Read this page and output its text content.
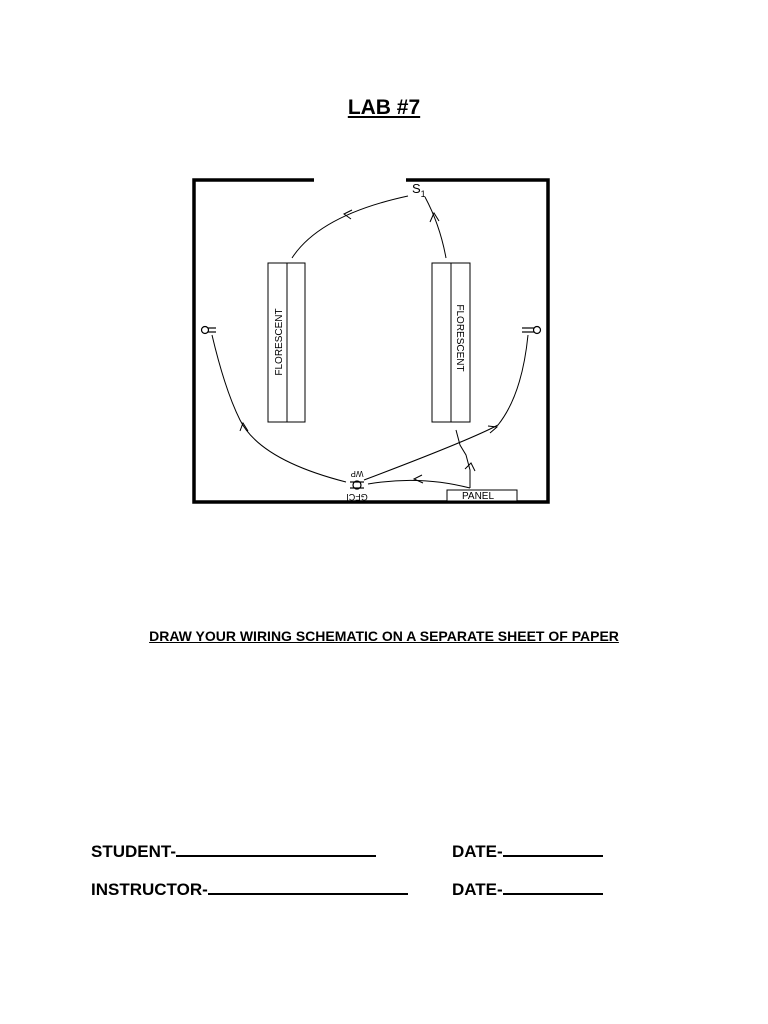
LAB #7
FLORESCENT	FLORESCENT
$S_1$
WP
GFCI	PANEL
DRAW YOUR WIRING SCHEMATIC ON A SEPARATE SHEET OF PAPER
STUDENT-	DATE-
INSTRUCTOR-	DATE-
